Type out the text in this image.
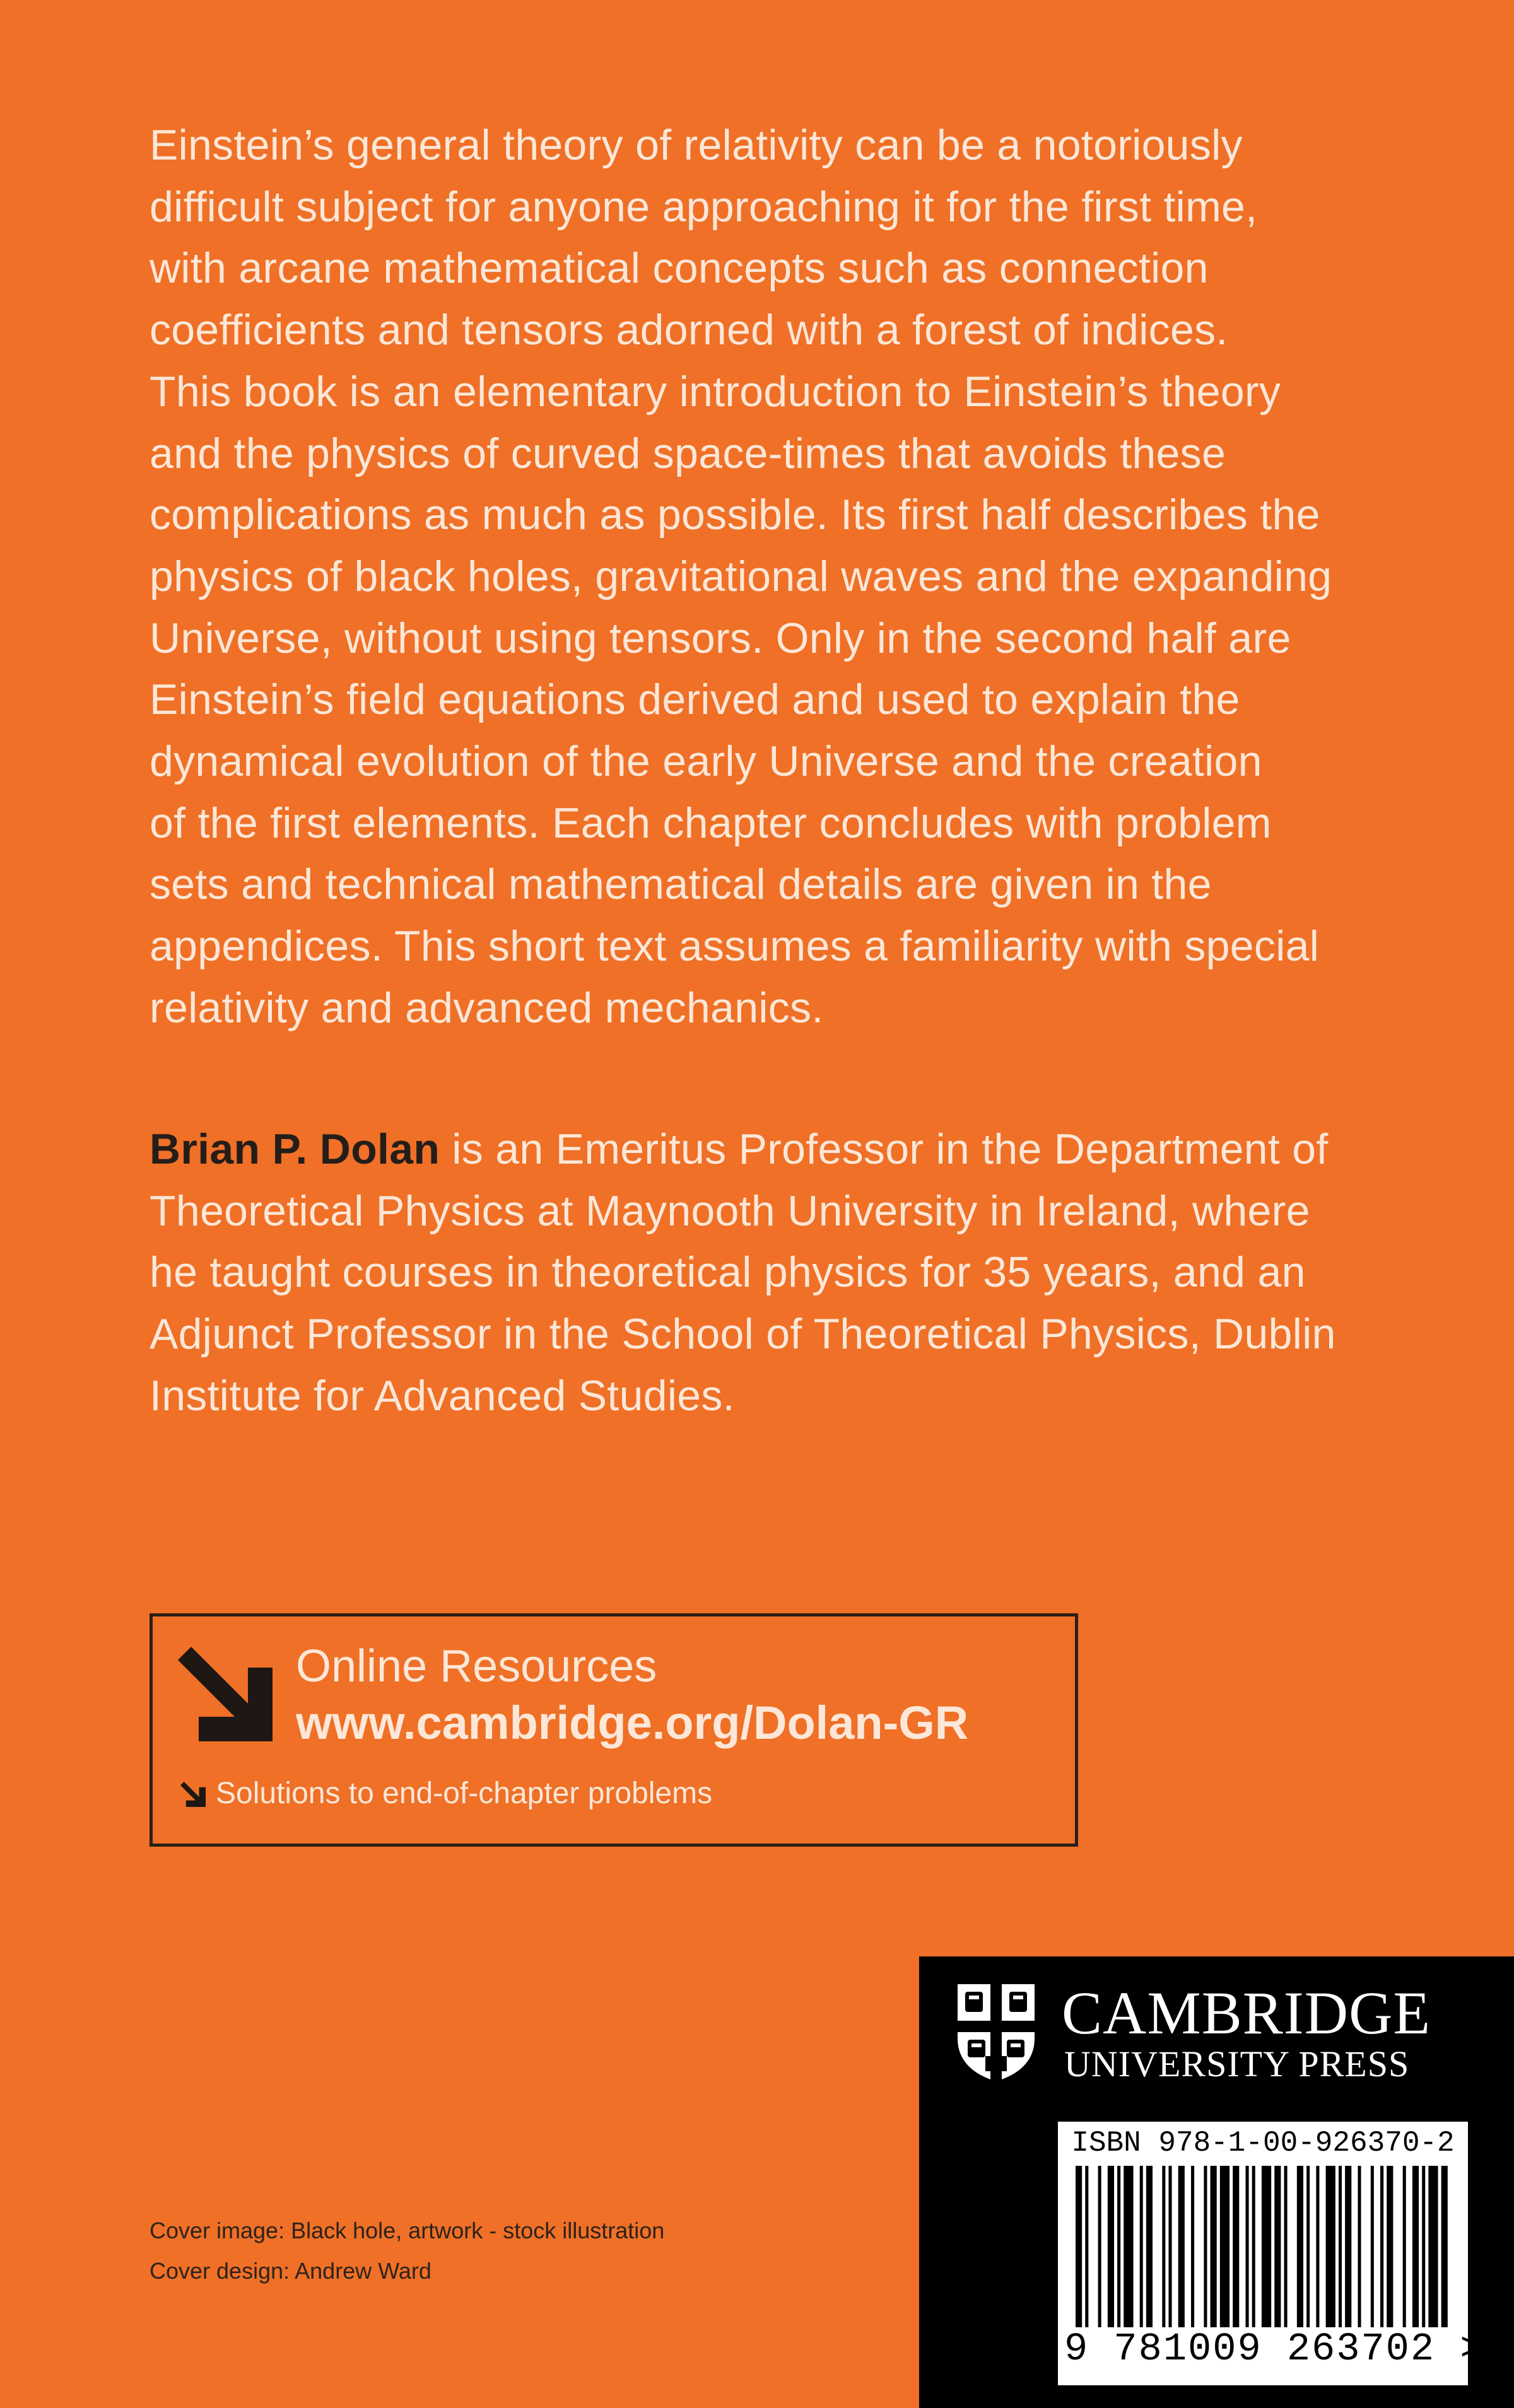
Einstein’s general theory of relativity can be a notoriously
difficult subject for anyone approaching it for the first time,
with arcane mathematical concepts such as connection
coefficients and tensors adorned with a forest of indices.
This book is an elementary introduction to Einstein’s theory
and the physics of curved space-times that avoids these
complications as much as possible. Its first half describes the
physics of black holes, gravitational waves and the expanding
Universe, without using tensors. Only in the second half are
Einstein’s field equations derived and used to explain the
dynamical evolution of the early Universe and the creation
of the first elements. Each chapter concludes with problem
sets and technical mathematical details are given in the
appendices. This short text assumes a familiarity with special
relativity and advanced mechanics.
Brian P. Dolan is an Emeritus Professor in the Department of
Theoretical Physics at Maynooth University in Ireland, where
he taught courses in theoretical physics for 35 years, and an
Adjunct Professor in the School of Theoretical Physics, Dublin
Institute for Advanced Studies.
Online Resources
www.cambridge.org/Dolan-GR
Solutions to end-of-chapter problems
Cover image: Black hole, artwork - stock illustration
Cover design: Andrew Ward
CAMBRIDGE
UNIVERSITY PRESS
ISBN 978-1-00-926370-2
9 781009 263702 >
